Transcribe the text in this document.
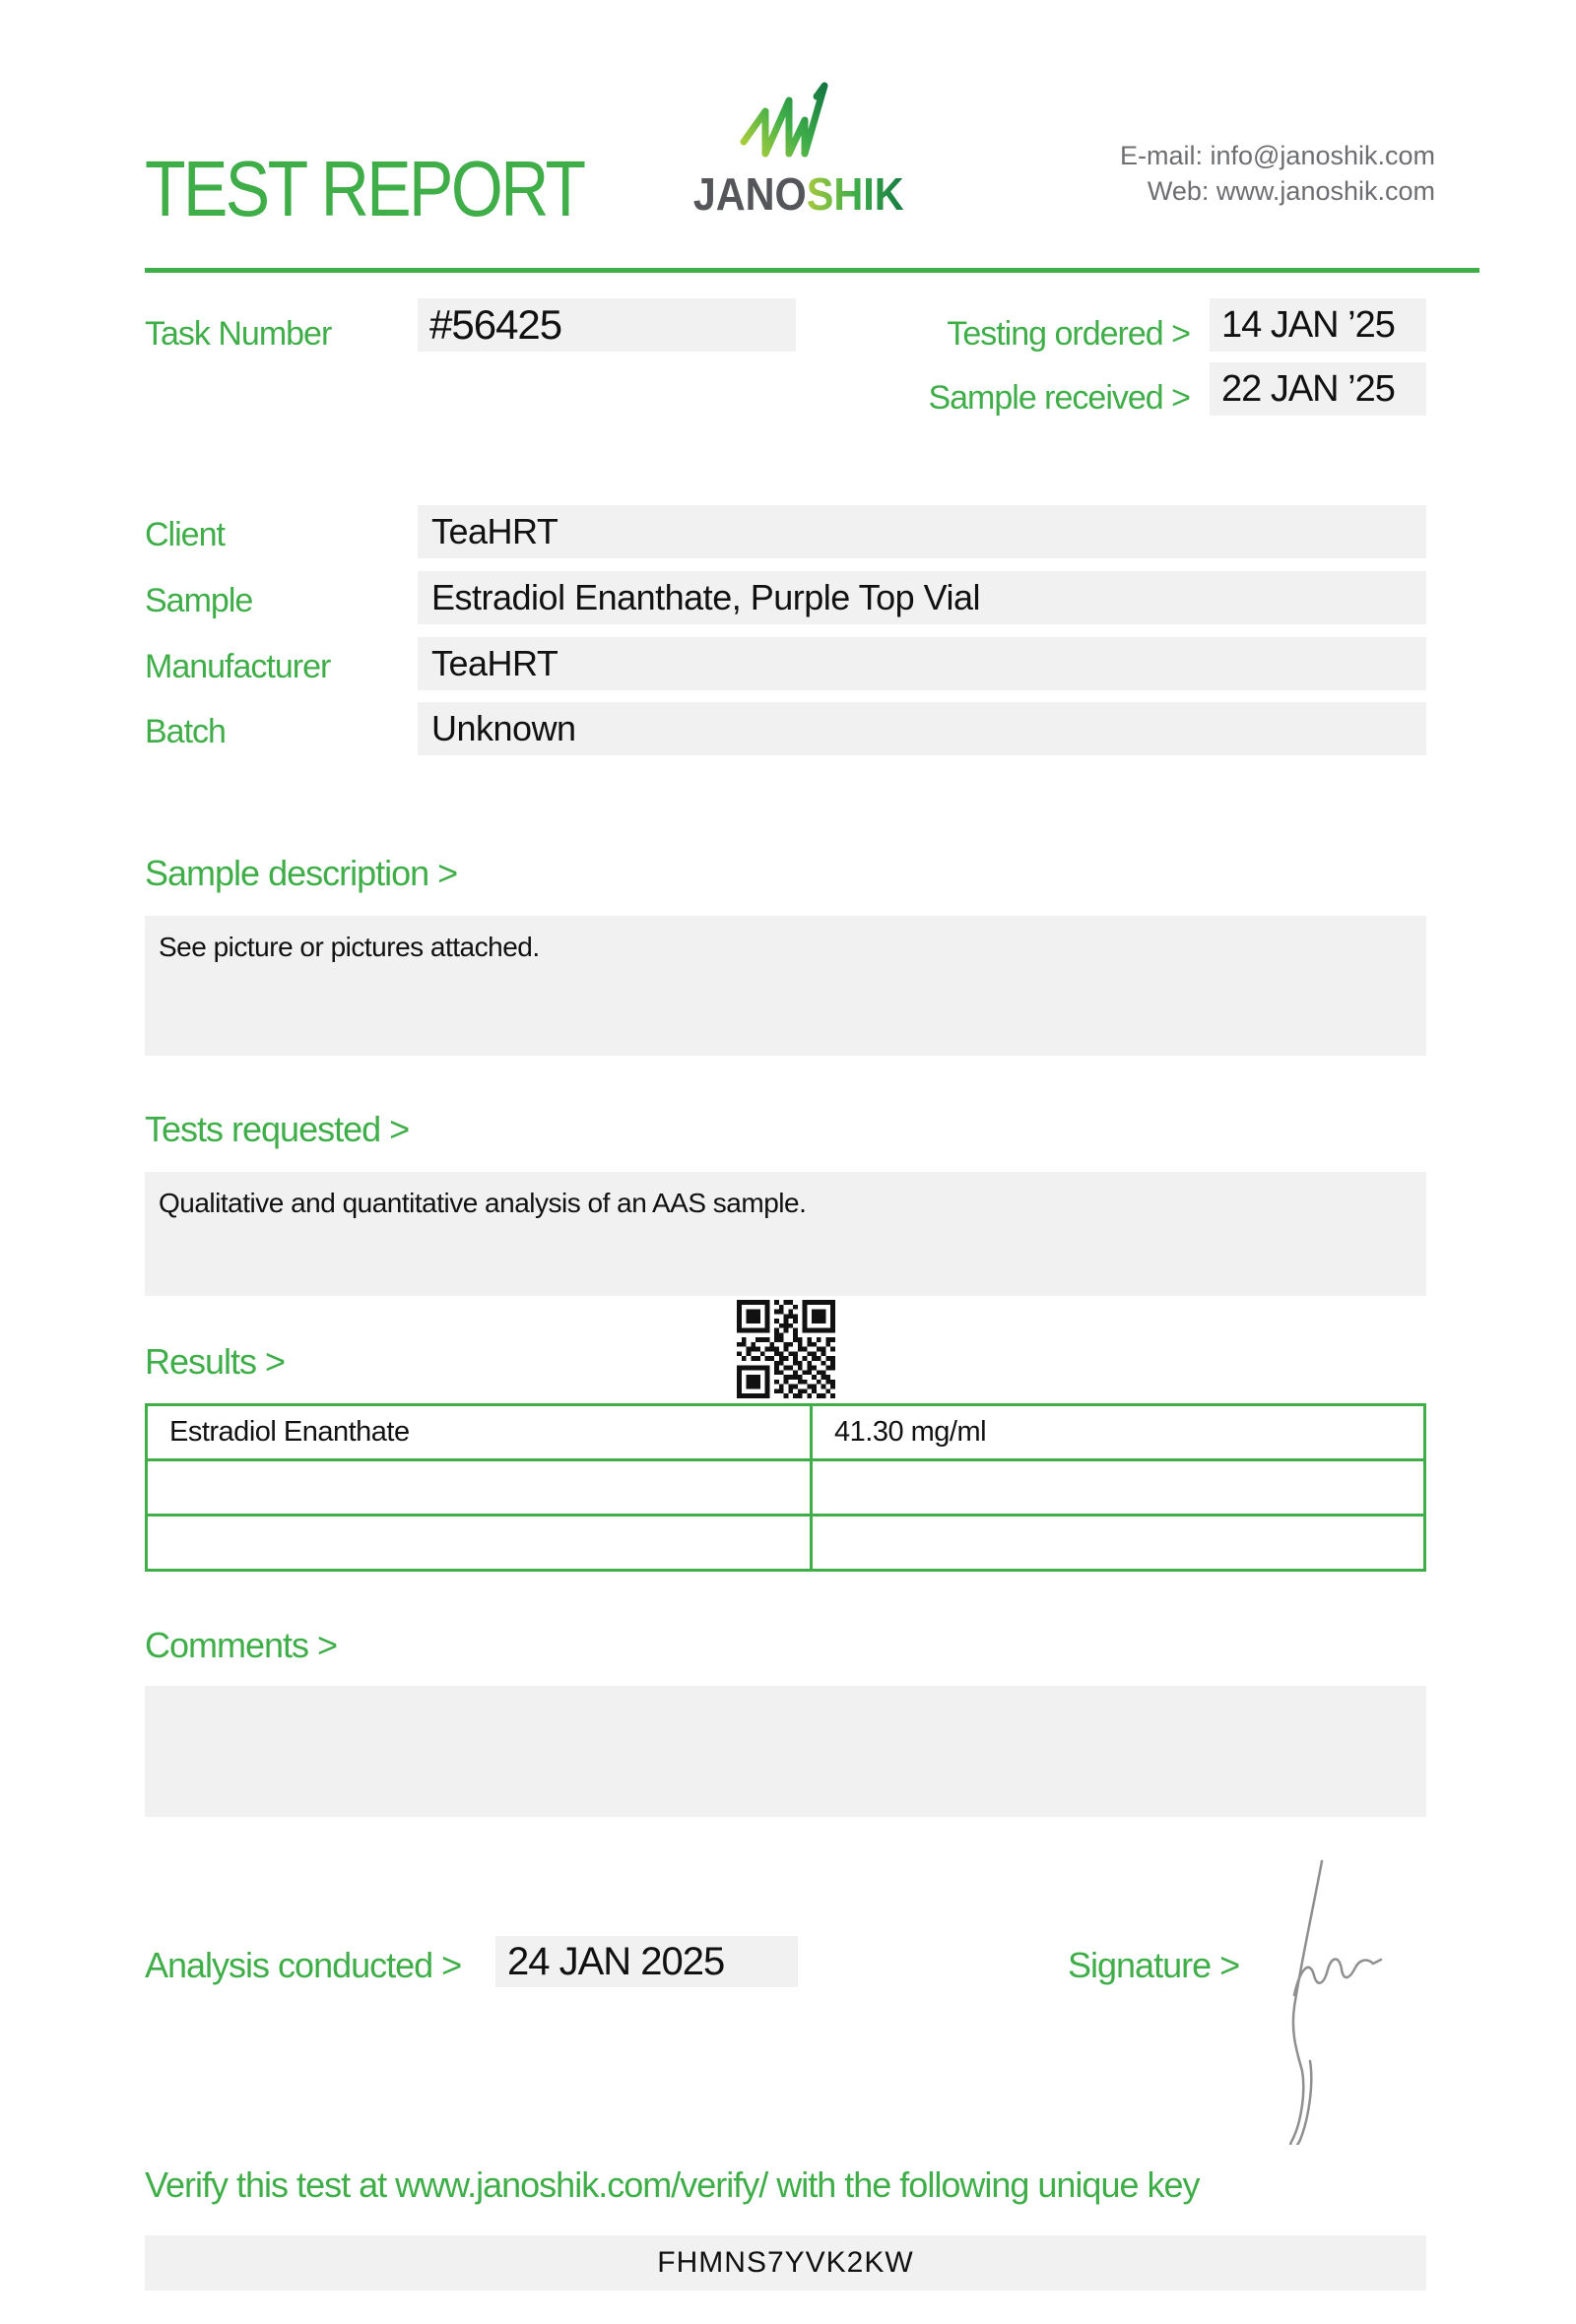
TEST REPORT JANOSHIK
E-mail: info@janoshik.com
Web: www.janoshik.com
Task Number #56425	Testing ordered > 14 JAN ’25
Sample received > 22 JAN ’25
Client	TeaHRT
Sample	Estradiol Enanthate, Purple Top Vial
Manufacturer	TeaHRT
Batch	Unknown
Sample description >
See picture or pictures attached.
Tests requested >
Qualitative and quantitative analysis of an AAS sample.
Results >
Estradiol Enanthate	41.30 mg/ml

Comments >
Analysis conducted >	24 JAN 2025	Signature >
Verify this test at www.janoshik.com/verify/ with the following unique key
FHMNS7YVK2KW
